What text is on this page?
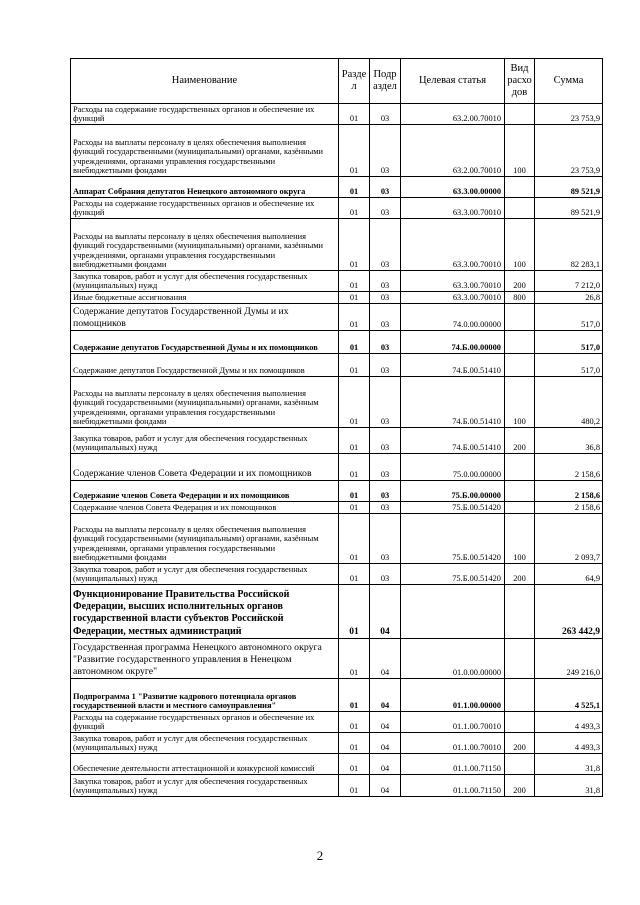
Наименование	Разде л	Подр аздел	Целевая статья	Вид расхо дов	Сумма
Расходы на содержание государственных органов и обеспечение их функций	01	03	63.2.00.70010		23 753,9
Расходы на выплаты персоналу в целях обеспечения выполнения функций государственными (муниципальными) органами, казёнными учреждениями, органами управления государственными внебюджетными фондами	01	03	63.2.00.70010	100	23 753,9
Аппарат Собрания депутатов Ненецкого автономного округа	01	03	63.3.00.00000		89 521,9
Расходы на содержание государственных органов и обеспечение их функций	01	03	63.3.00.70010		89 521,9
Расходы на выплаты персоналу в целях обеспечения выполнения функций государственными (муниципальными) органами, казёнными учреждениями, органами управления государственными внебюджетными фондами	01	03	63.3.00.70010	100	82 283,1
Закупка товаров, работ и услуг для обеспечения государственных (муниципальных) нужд	01	03	63.3.00.70010	200	7 212,0
Иные бюджетные ассигнования	01	03	63.3.00.70010	800	26,8
Содержание депутатов Государственной Думы и их помощников	01	03	74.0.00.00000		517,0
Содержание депутатов Государственной Думы и их помощников	01	03	74.Б.00.00000		517,0
Содержание депутатов Государственной Думы и их помощников	01	03	74.Б.00.51410		517,0
Расходы на выплаты персоналу в целях обеспечения выполнения функций государственными (муниципальными) органами, казённым учреждениями, органами управления государственными внебюджетными фондами	01	03	74.Б.00.51410	100	480,2
Закупка товаров, работ и услуг для обеспечения государственных (муниципальных) нужд	01	03	74.Б.00.51410	200	36,8
Содержание членов Совета Федерации и их помощников	01	03	75.0.00.00000		2 158,6
Содержание членов Совета Федерации и их помощников	01	03	75.Б.00.00000		2 158,6
Содержание членов Совета Федерация и их помощников	01	03	75.Б.00.51420		2 158,6
Расходы на выплаты персоналу в целях обеспечения выполнения функций государственными (муниципальными) органами, казённым учреждениями, органами управления государственными внебюджетными фондами	01	03	75.Б.00.51420	100	2 093,7
Закупка товаров, работ и услуг для обеспечения государственных (муниципальных) нужд	01	03	75.Б.00.51420	200	64,9
Функционирование Правительства Российской Федерации, высших исполнительных органов государственной власти субъектов Российской Федерации, местных администраций	01	04			263 442,9
Государственная программа Ненецкого автономного округа "Развитие государственного управления в Ненецком автономном округе"	01	04	01.0.00.00000		249 216,0
Подпрограмма 1 "Развитие кадрового потенциала органов государственной власти и местного самоуправления"	01	04	01.1.00.00000		4 525,1
Расходы на содержание государственных органов и обеспечение их функций	01	04	01.1.00.70010		4 493,3
Закупка товаров, работ и услуг для обеспечения государственных (муниципальных) нужд	01	04	01.1.00.70010	200	4 493,3
Обеспечение деятельности аттестационной и конкурсной комиссий	01	04	01.1.00.71150		31,8
Закупка товаров, работ и услуг для обеспечения государственных (муниципальных) нужд	01	04	01.1.00.71150	200	31,8
2
